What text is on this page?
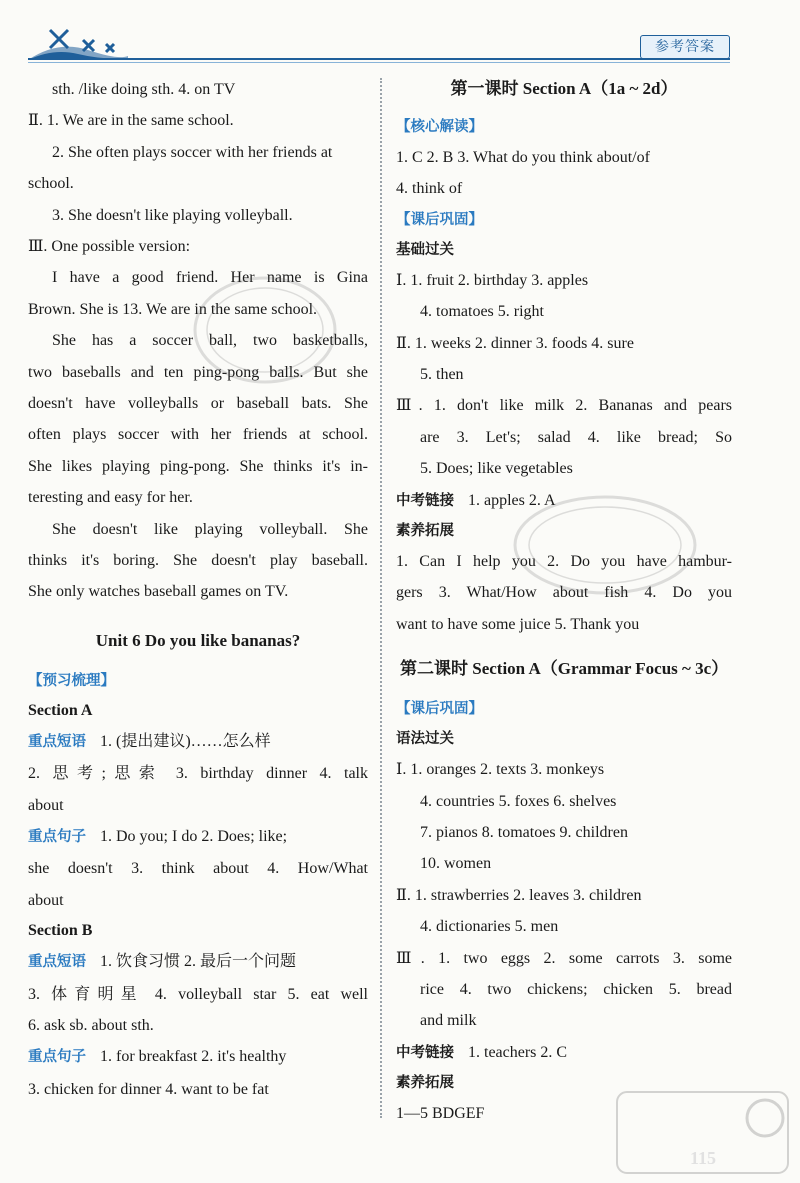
参考答案
sth. /like doing sth. 4. on TV
Ⅱ. 1. We are in the same school.
2. She often plays soccer with her friends at
school.
3. She doesn't like playing volleyball.
Ⅲ. One possible version:
I have a good friend. Her name is Gina
Brown. She is 13. We are in the same school.
She has a soccer ball, two basketballs,
two baseballs and ten ping-pong balls. But she
doesn't have volleyballs or baseball bats. She
often plays soccer with her friends at school.
She likes playing ping-pong. She thinks it's in-
teresting and easy for her.
She doesn't like playing volleyball. She
thinks it's boring. She doesn't play baseball.
She only watches baseball games on TV.
Unit 6 Do you like bananas?
【预习梳理】
Section A
重点短语 1. (提出建议)……怎么样
2. 思考;思索 3. birthday dinner 4. talk
about
重点句子 1. Do you; I do 2. Does; like;
she doesn't 3. think about 4. How/What
about
Section B
重点短语 1. 饮食习惯 2. 最后一个问题
3. 体育明星 4. volleyball star 5. eat well
6. ask sb. about sth.
重点句子 1. for breakfast 2. it's healthy
3. chicken for dinner 4. want to be fat
第一课时 Section A（1a ~ 2d）
【核心解读】
1. C 2. B 3. What do you think about/of
4. think of
【课后巩固】
基础过关
Ⅰ. 1. fruit 2. birthday 3. apples
4. tomatoes 5. right
Ⅱ. 1. weeks 2. dinner 3. foods 4. sure
5. then
Ⅲ. 1. don't like milk 2. Bananas and pears
are 3. Let's; salad 4. like bread; So
5. Does; like vegetables
中考链接 1. apples 2. A
素养拓展
1. Can I help you 2. Do you have hambur-
gers 3. What/How about fish 4. Do you
want to have some juice 5. Thank you
第二课时 Section A（Grammar Focus ~ 3c）
【课后巩固】
语法过关
Ⅰ. 1. oranges 2. texts 3. monkeys
4. countries 5. foxes 6. shelves
7. pianos 8. tomatoes 9. children
10. women
Ⅱ. 1. strawberries 2. leaves 3. children
4. dictionaries 5. men
Ⅲ. 1. two eggs 2. some carrots 3. some
rice 4. two chickens; chicken 5. bread
and milk
中考链接 1. teachers 2. C
素养拓展
1—5 BDGEF
115
